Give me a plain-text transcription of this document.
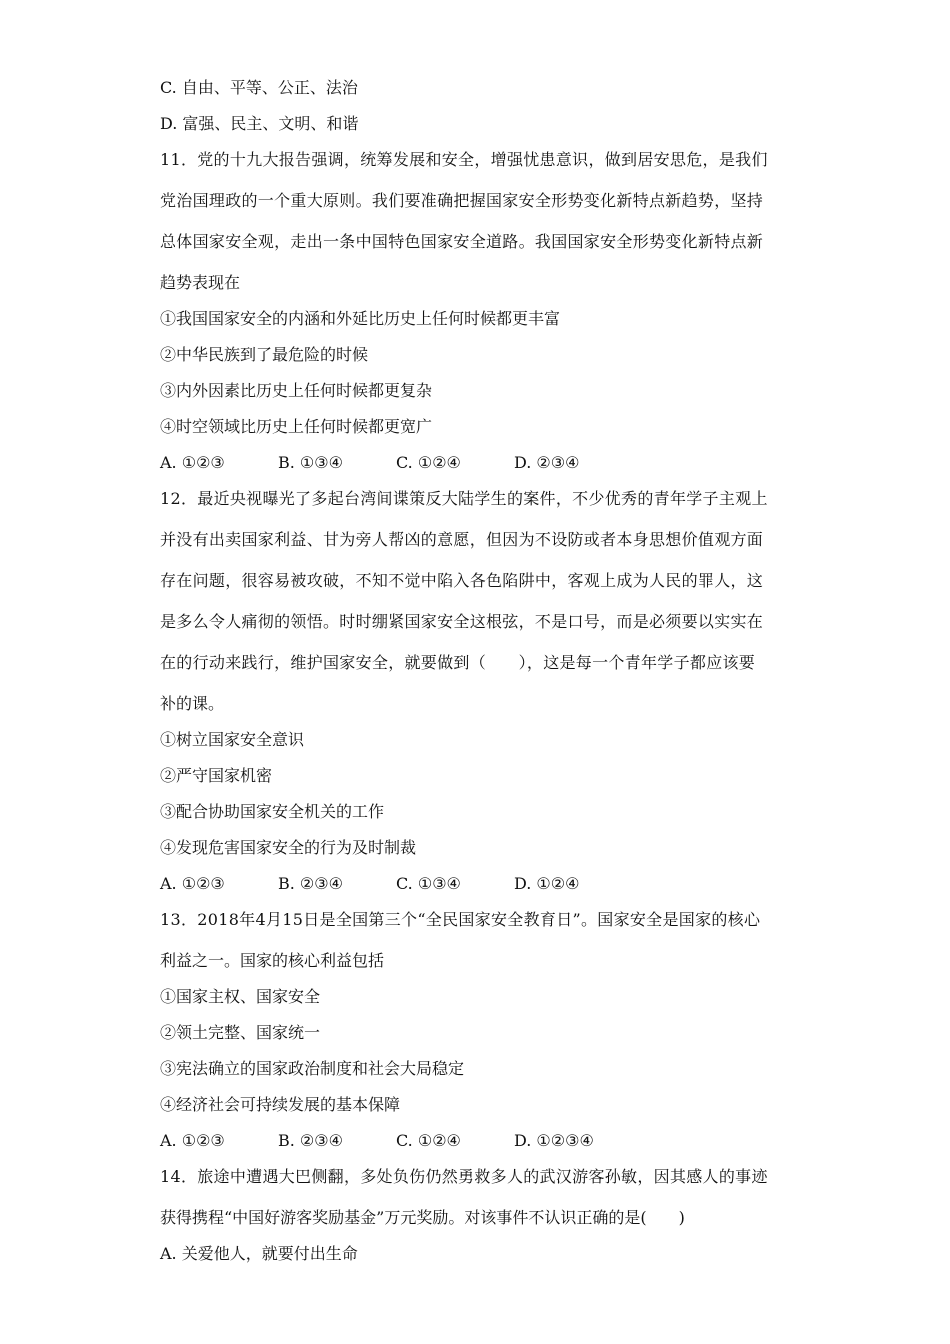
C. 自由、平等、公正、法治
D. 富强、民主、文明、和谐
11．党的十九大报告强调，统筹发展和安全，增强忧患意识，做到居安思危，是我们
党治国理政的一个重大原则。我们要准确把握国家安全形势变化新特点新趋势，坚持
总体国家安全观，走出一条中国特色国家安全道路。我国国家安全形势变化新特点新
趋势表现在
①我国国家安全的内涵和外延比历史上任何时候都更丰富
②中华民族到了最危险的时候
③内外因素比历史上任何时候都更复杂
④时空领域比历史上任何时候都更宽广
A. ①②③	B. ①③④	C. ①②④	D. ②③④
12．最近央视曝光了多起台湾间谍策反大陆学生的案件，不少优秀的青年学子主观上
并没有出卖国家利益、甘为旁人帮凶的意愿，但因为不设防或者本身思想价值观方面
存在问题，很容易被攻破，不知不觉中陷入各色陷阱中，客观上成为人民的罪人，这
是多么令人痛彻的领悟。时时绷紧国家安全这根弦，不是口号，而是必须要以实实在
在的行动来践行，维护国家安全，就要做到（　　），这是每一个青年学子都应该要
补的课。
①树立国家安全意识
②严守国家机密
③配合协助国家安全机关的工作
④发现危害国家安全的行为及时制裁
A. ①②③	B. ②③④	C. ①③④	D. ①②④
13．2018年4月15日是全国第三个“全民国家安全教育日”。国家安全是国家的核心
利益之一。国家的核心利益包括
①国家主权、国家安全
②领土完整、国家统一
③宪法确立的国家政治制度和社会大局稳定
④经济社会可持续发展的基本保障
A. ①②③	B. ②③④	C. ①②④	D. ①②③④
14．旅途中遭遇大巴侧翻，多处负伤仍然勇救多人的武汉游客孙敏，因其感人的事迹
获得携程“中国好游客奖励基金”万元奖励。对该事件不认识正确的是(　　)
A. 关爱他人，就要付出生命
